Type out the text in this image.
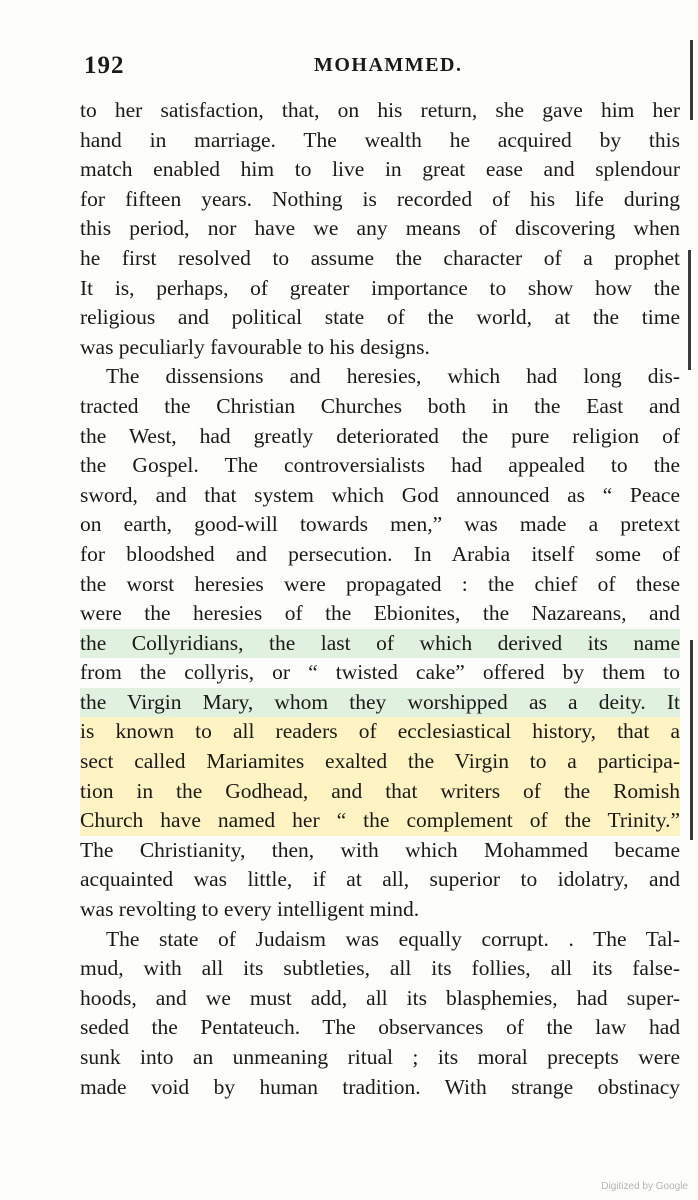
192	MOHAMMED.
to her satisfaction, that, on his return, she gave him her
hand in marriage. The wealth he acquired by this
match enabled him to live in great ease and splendour
for fifteen years. Nothing is recorded of his life during
this period, nor have we any means of discovering when
he first resolved to assume the character of a prophet
It is, perhaps, of greater importance to show how the
religious and political state of the world, at the time
was peculiarly favourable to his designs.
The dissensions and heresies, which had long dis-
tracted the Christian Churches both in the East and
the West, had greatly deteriorated the pure religion of
the Gospel. The controversialists had appealed to the
sword, and that system which God announced as “ Peace
on earth, good-will towards men,” was made a pretext
for bloodshed and persecution. In Arabia itself some of
the worst heresies were propagated : the chief of these
were the heresies of the Ebionites, the Nazareans, and
the Collyridians, the last of which derived its name
from the collyris, or “ twisted cake” offered by them to
the Virgin Mary, whom they worshipped as a deity. It
is known to all readers of ecclesiastical history, that a
sect called Mariamites exalted the Virgin to a participa-
tion in the Godhead, and that writers of the Romish
Church have named her “ the complement of the Trinity.”
The Christianity, then, with which Mohammed became
acquainted was little, if at all, superior to idolatry, and
was revolting to every intelligent mind.
The state of Judaism was equally corrupt. . The Tal-
mud, with all its subtleties, all its follies, all its false-
hoods, and we must add, all its blasphemies, had super-
seded the Pentateuch. The observances of the law had
sunk into an unmeaning ritual ; its moral precepts were
made void by human tradition. With strange obstinacy
Digitized by Google
